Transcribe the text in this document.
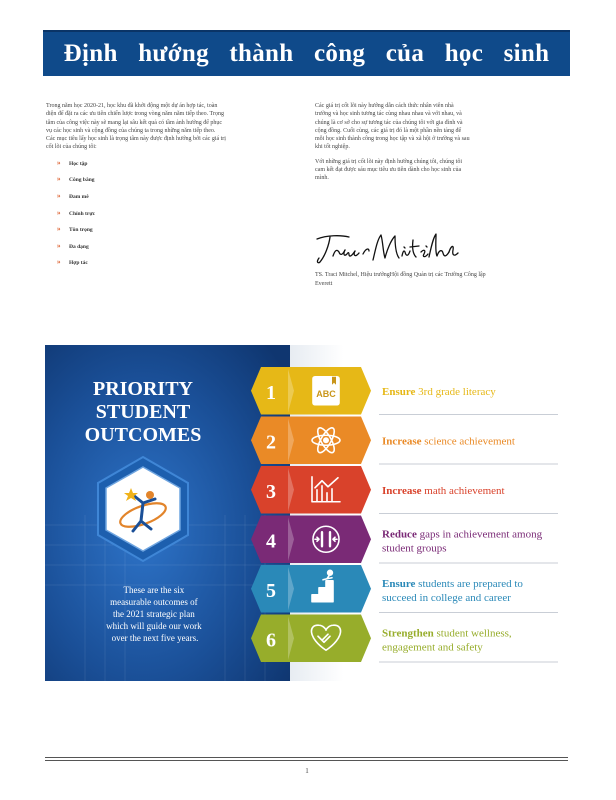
Định hướng thành công của học sinh

Trong năm học 2020-21, học khu đã khởi động một dự án hợp tác, toàn diện để đặt ra các ưu tiên chiến lược trong vòng năm năm tiếp theo. Trọng tâm của công việc này sẽ mang lại sâu kết quả có tầm ảnh hưởng để phục vụ các học sinh và cộng đồng của chúng ta trong những năm tiếp theo. Các mục tiêu lấy học sinh là trọng tâm này được định hướng bởi các giá trị cốt lõi của chúng tôi:

»	Học tập
»	Công bằng
»	Đam mê
»	Chính trực
»	Tôn trọng
»	Đa dạng
»	Hợp tác

Các giá trị cốt lõi này hướng dẫn cách thức nhân viên nhà trường và học sinh tương tác cùng nhau nhau và với nhau, và chúng là cơ sở cho sự tương tác của chúng tôi với gia đình và cộng đồng. Cuối cùng, các giá trị đó là một phần nền tảng để mỗi học sinh thành công trong học tập và xã hội ở trường và sau khi tốt nghiệp.

Với những giá trị cốt lõi này định hướng chúng tôi, chúng tôi cam kết đạt được sáu mục tiêu ưu tiên dành cho học sinh của mình.

TS. Traci Mitchel, Hiệu trưởngHội đồng Quản trị các Trường Công lập Everett
PRIORITY
STUDENT
OUTCOMES
These are the six measurable outcomes of the 2021 strategic plan which will guide our work over the next five years.
1	ABC	Ensure 3rd grade literacy
2	Increase science achievement
3	Increase math achievement
4	Reduce gaps in achievement among student groups
5	Ensure students are prepared to succeed in college and career
6	Strengthen student wellness, engagement and safety
1
